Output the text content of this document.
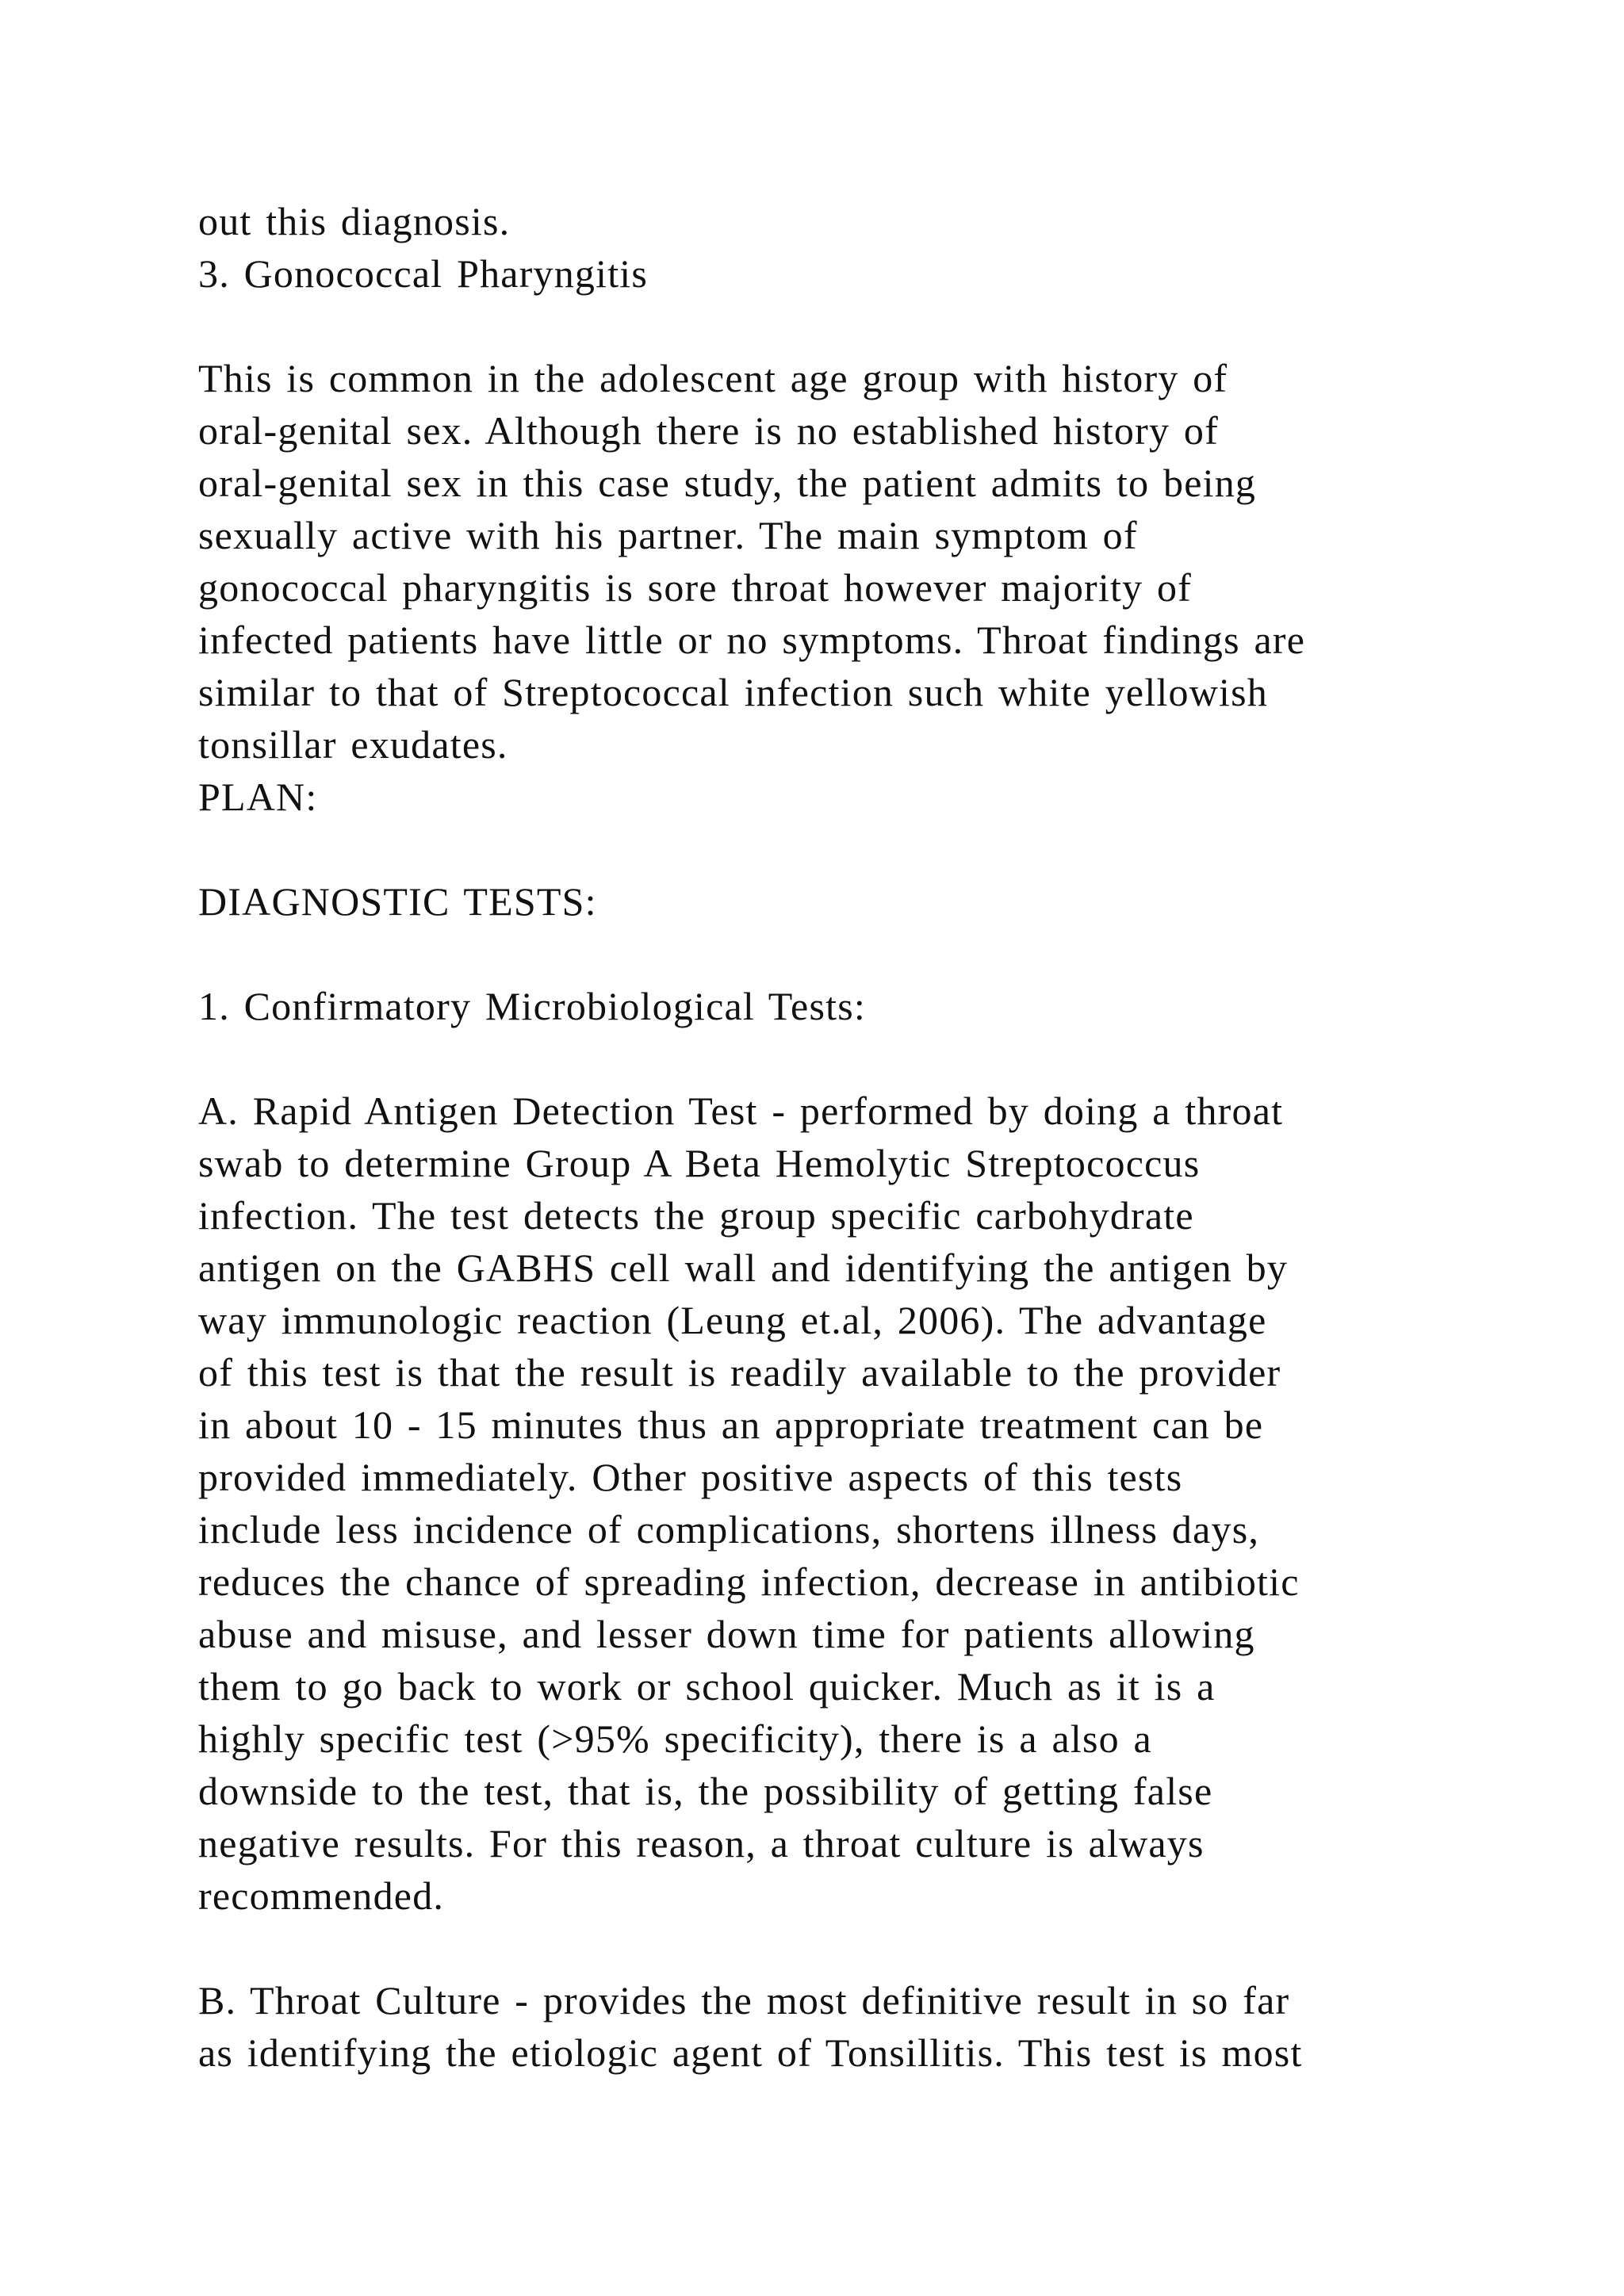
out this diagnosis.
3. Gonococcal Pharyngitis
This is common in the adolescent age group with history of
oral-genital sex. Although there is no established history of
oral-genital sex in this case study, the patient admits to being
sexually active with his partner. The main symptom of
gonococcal pharyngitis is sore throat however majority of
infected patients have little or no symptoms. Throat findings are
similar to that of Streptococcal infection such white yellowish
tonsillar exudates.
PLAN:
DIAGNOSTIC TESTS:
1. Confirmatory Microbiological Tests:
A. Rapid Antigen Detection Test - performed by doing a throat
swab to determine Group A Beta Hemolytic Streptococcus
infection. The test detects the group specific carbohydrate
antigen on the GABHS cell wall and identifying the antigen by
way immunologic reaction (Leung et.al, 2006). The advantage
of this test is that the result is readily available to the provider
in about 10 - 15 minutes thus an appropriate treatment can be
provided immediately. Other positive aspects of this tests
include less incidence of complications, shortens illness days,
reduces the chance of spreading infection, decrease in antibiotic
abuse and misuse, and lesser down time for patients allowing
them to go back to work or school quicker. Much as it is a
highly specific test (>95% specificity), there is a also a
downside to the test, that is, the possibility of getting false
negative results. For this reason, a throat culture is always
recommended.
B. Throat Culture - provides the most definitive result in so far
as identifying the etiologic agent of Tonsillitis. This test is most
